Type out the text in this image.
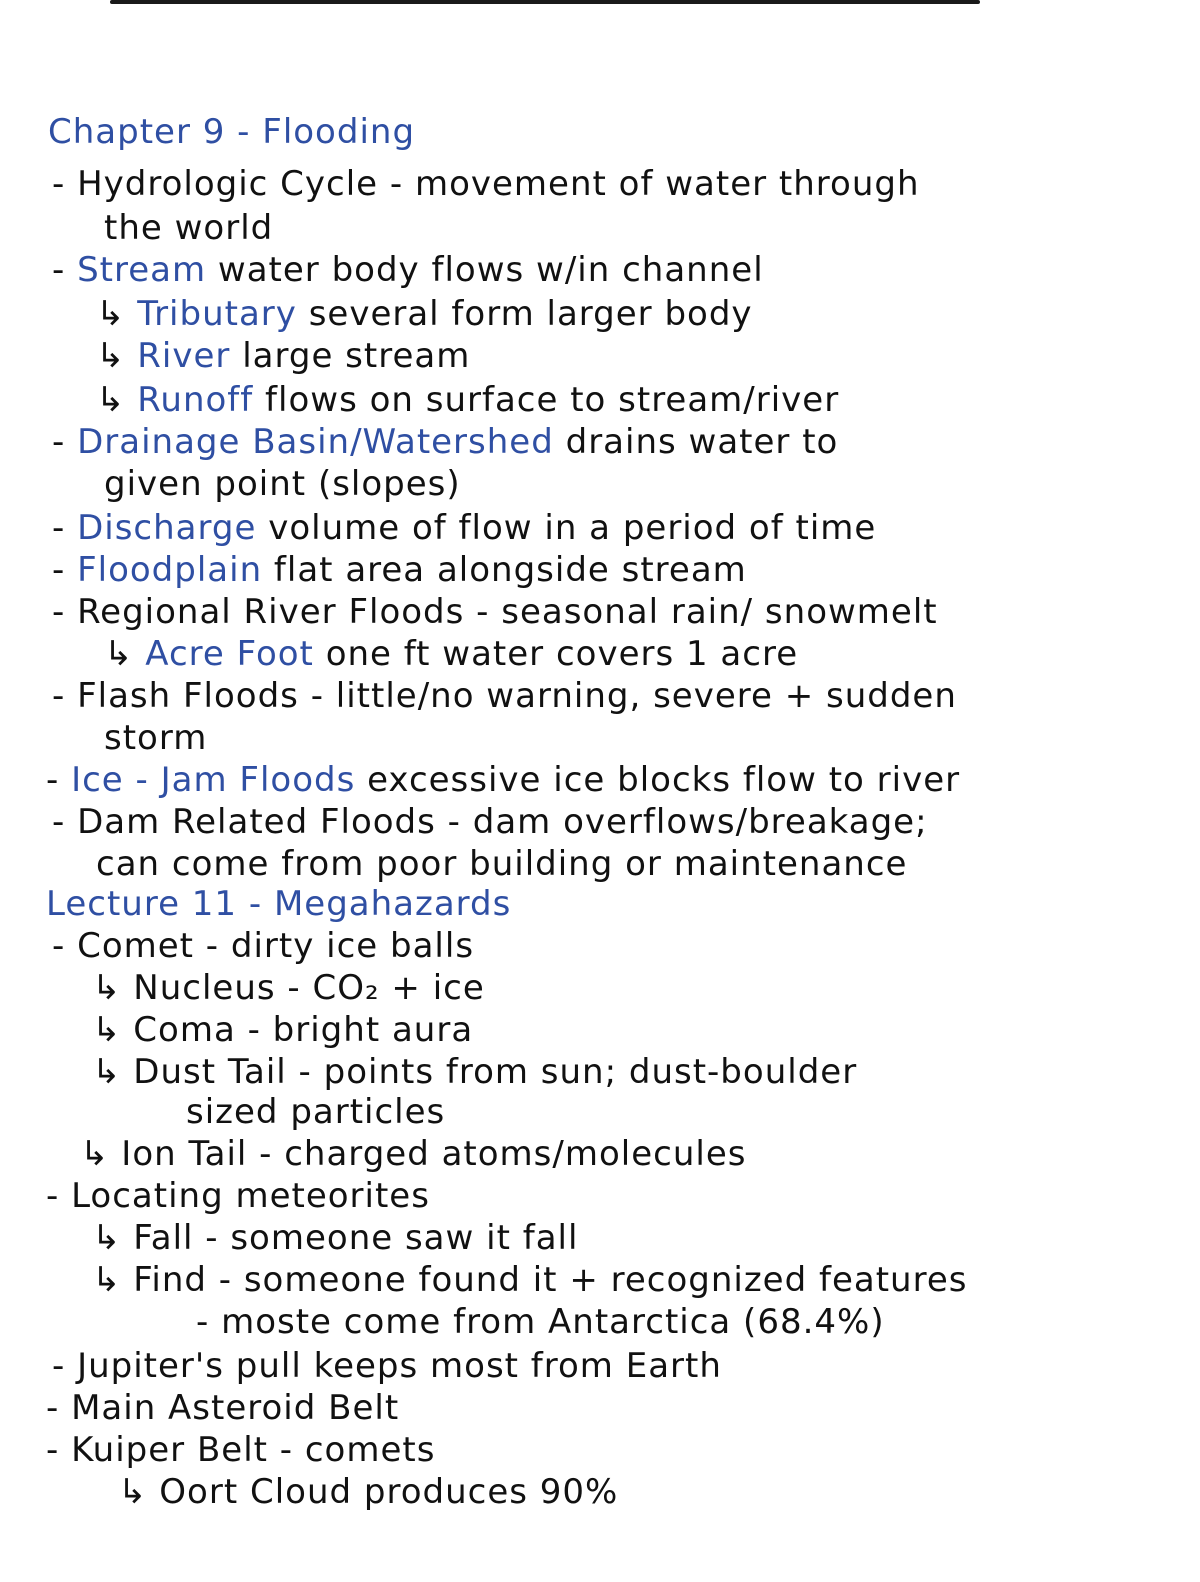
Chapter 9 - Flooding
- Hydrologic Cycle - movement of water through
the world
- Stream water body flows w/in channel
↳ Tributary several form larger body
↳ River large stream
↳ Runoff flows on surface to stream/river
- Drainage Basin/Watershed drains water to
given point (slopes)
- Discharge volume of flow in a period of time
- Floodplain flat area alongside stream
- Regional River Floods - seasonal rain/ snowmelt
↳ Acre Foot one ft water covers 1 acre
- Flash Floods - little/no warning, severe + sudden
storm
- Ice - Jam Floods excessive ice blocks flow to river
- Dam Related Floods - dam overflows/breakage;
can come from poor building or maintenance
Lecture 11 - Megahazards
- Comet - dirty ice balls
↳ Nucleus - CO₂ + ice
↳ Coma - bright aura
↳ Dust Tail - points from sun; dust-boulder
sized particles
↳ Ion Tail - charged atoms/molecules
- Locating meteorites
↳ Fall - someone saw it fall
↳ Find - someone found it + recognized features
- moste come from Antarctica (68.4%)
- Jupiter's pull keeps most from Earth
- Main Asteroid Belt
- Kuiper Belt - comets
↳ Oort Cloud produces 90%
